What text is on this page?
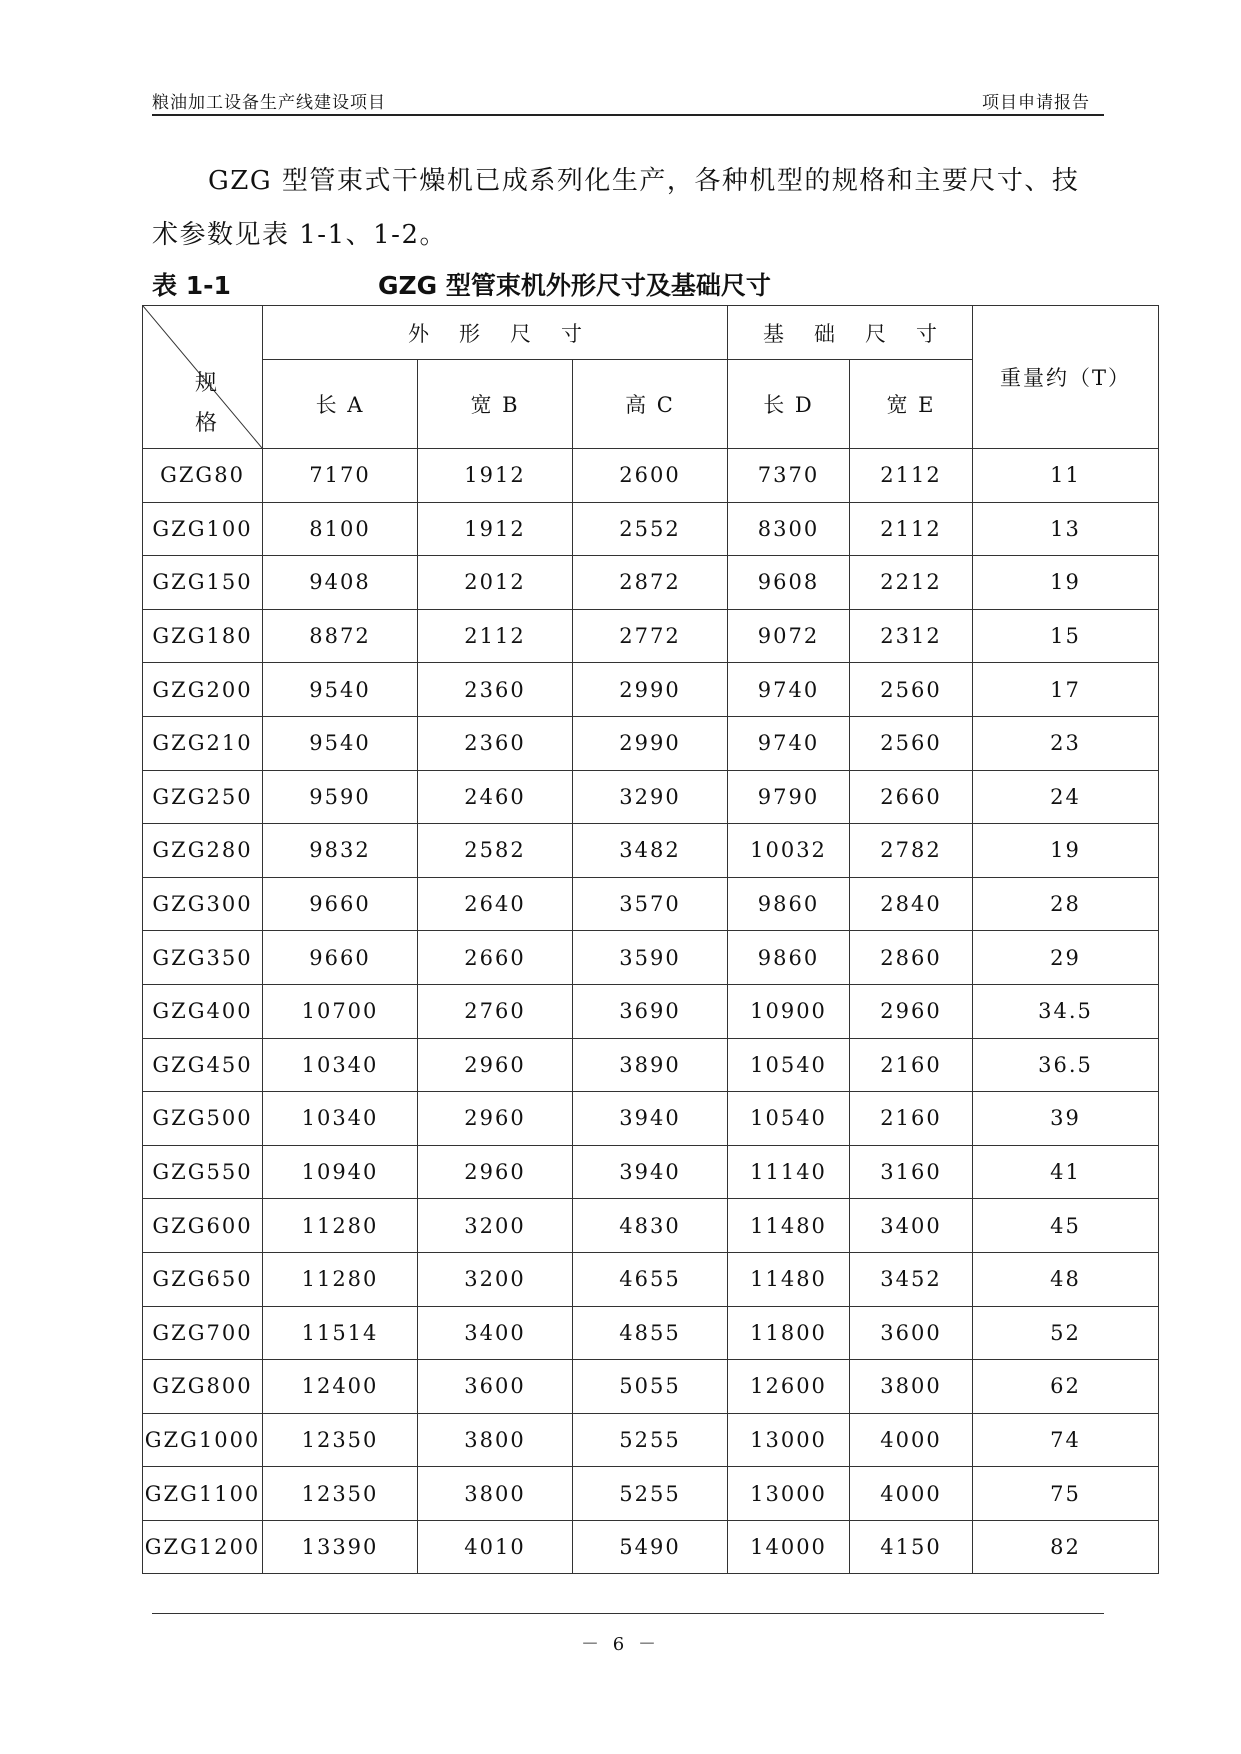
粮油加工设备生产线建设项目	项目申请报告
GZG 型管束式干燥机已成系列化生产，各种机型的规格和主要尺寸、技
术参数见表 1-1、1-2。
表 1-1	GZG 型管束机外形尺寸及基础尺寸
规格	外形尺寸			基础尺寸		重量约（T）
	长 A	宽 B	高 C	长 D	宽 E	
GZG80	7170	1912	2600	7370	2112	11
GZG100	8100	1912	2552	8300	2112	13
GZG150	9408	2012	2872	9608	2212	19
GZG180	8872	2112	2772	9072	2312	15
GZG200	9540	2360	2990	9740	2560	17
GZG210	9540	2360	2990	9740	2560	23
GZG250	9590	2460	3290	9790	2660	24
GZG280	9832	2582	3482	10032	2782	19
GZG300	9660	2640	3570	9860	2840	28
GZG350	9660	2660	3590	9860	2860	29
GZG400	10700	2760	3690	10900	2960	34.5
GZG450	10340	2960	3890	10540	2160	36.5
GZG500	10340	2960	3940	10540	2160	39
GZG550	10940	2960	3940	11140	3160	41
GZG600	11280	3200	4830	11480	3400	45
GZG650	11280	3200	4655	11480	3452	48
GZG700	11514	3400	4855	11800	3600	52
GZG800	12400	3600	5055	12600	3800	62
GZG1000	12350	3800	5255	13000	4000	74
GZG1100	12350	3800	5255	13000	4000	75
GZG1200	13390	4010	5490	14000	4150	82
－ 6 －
